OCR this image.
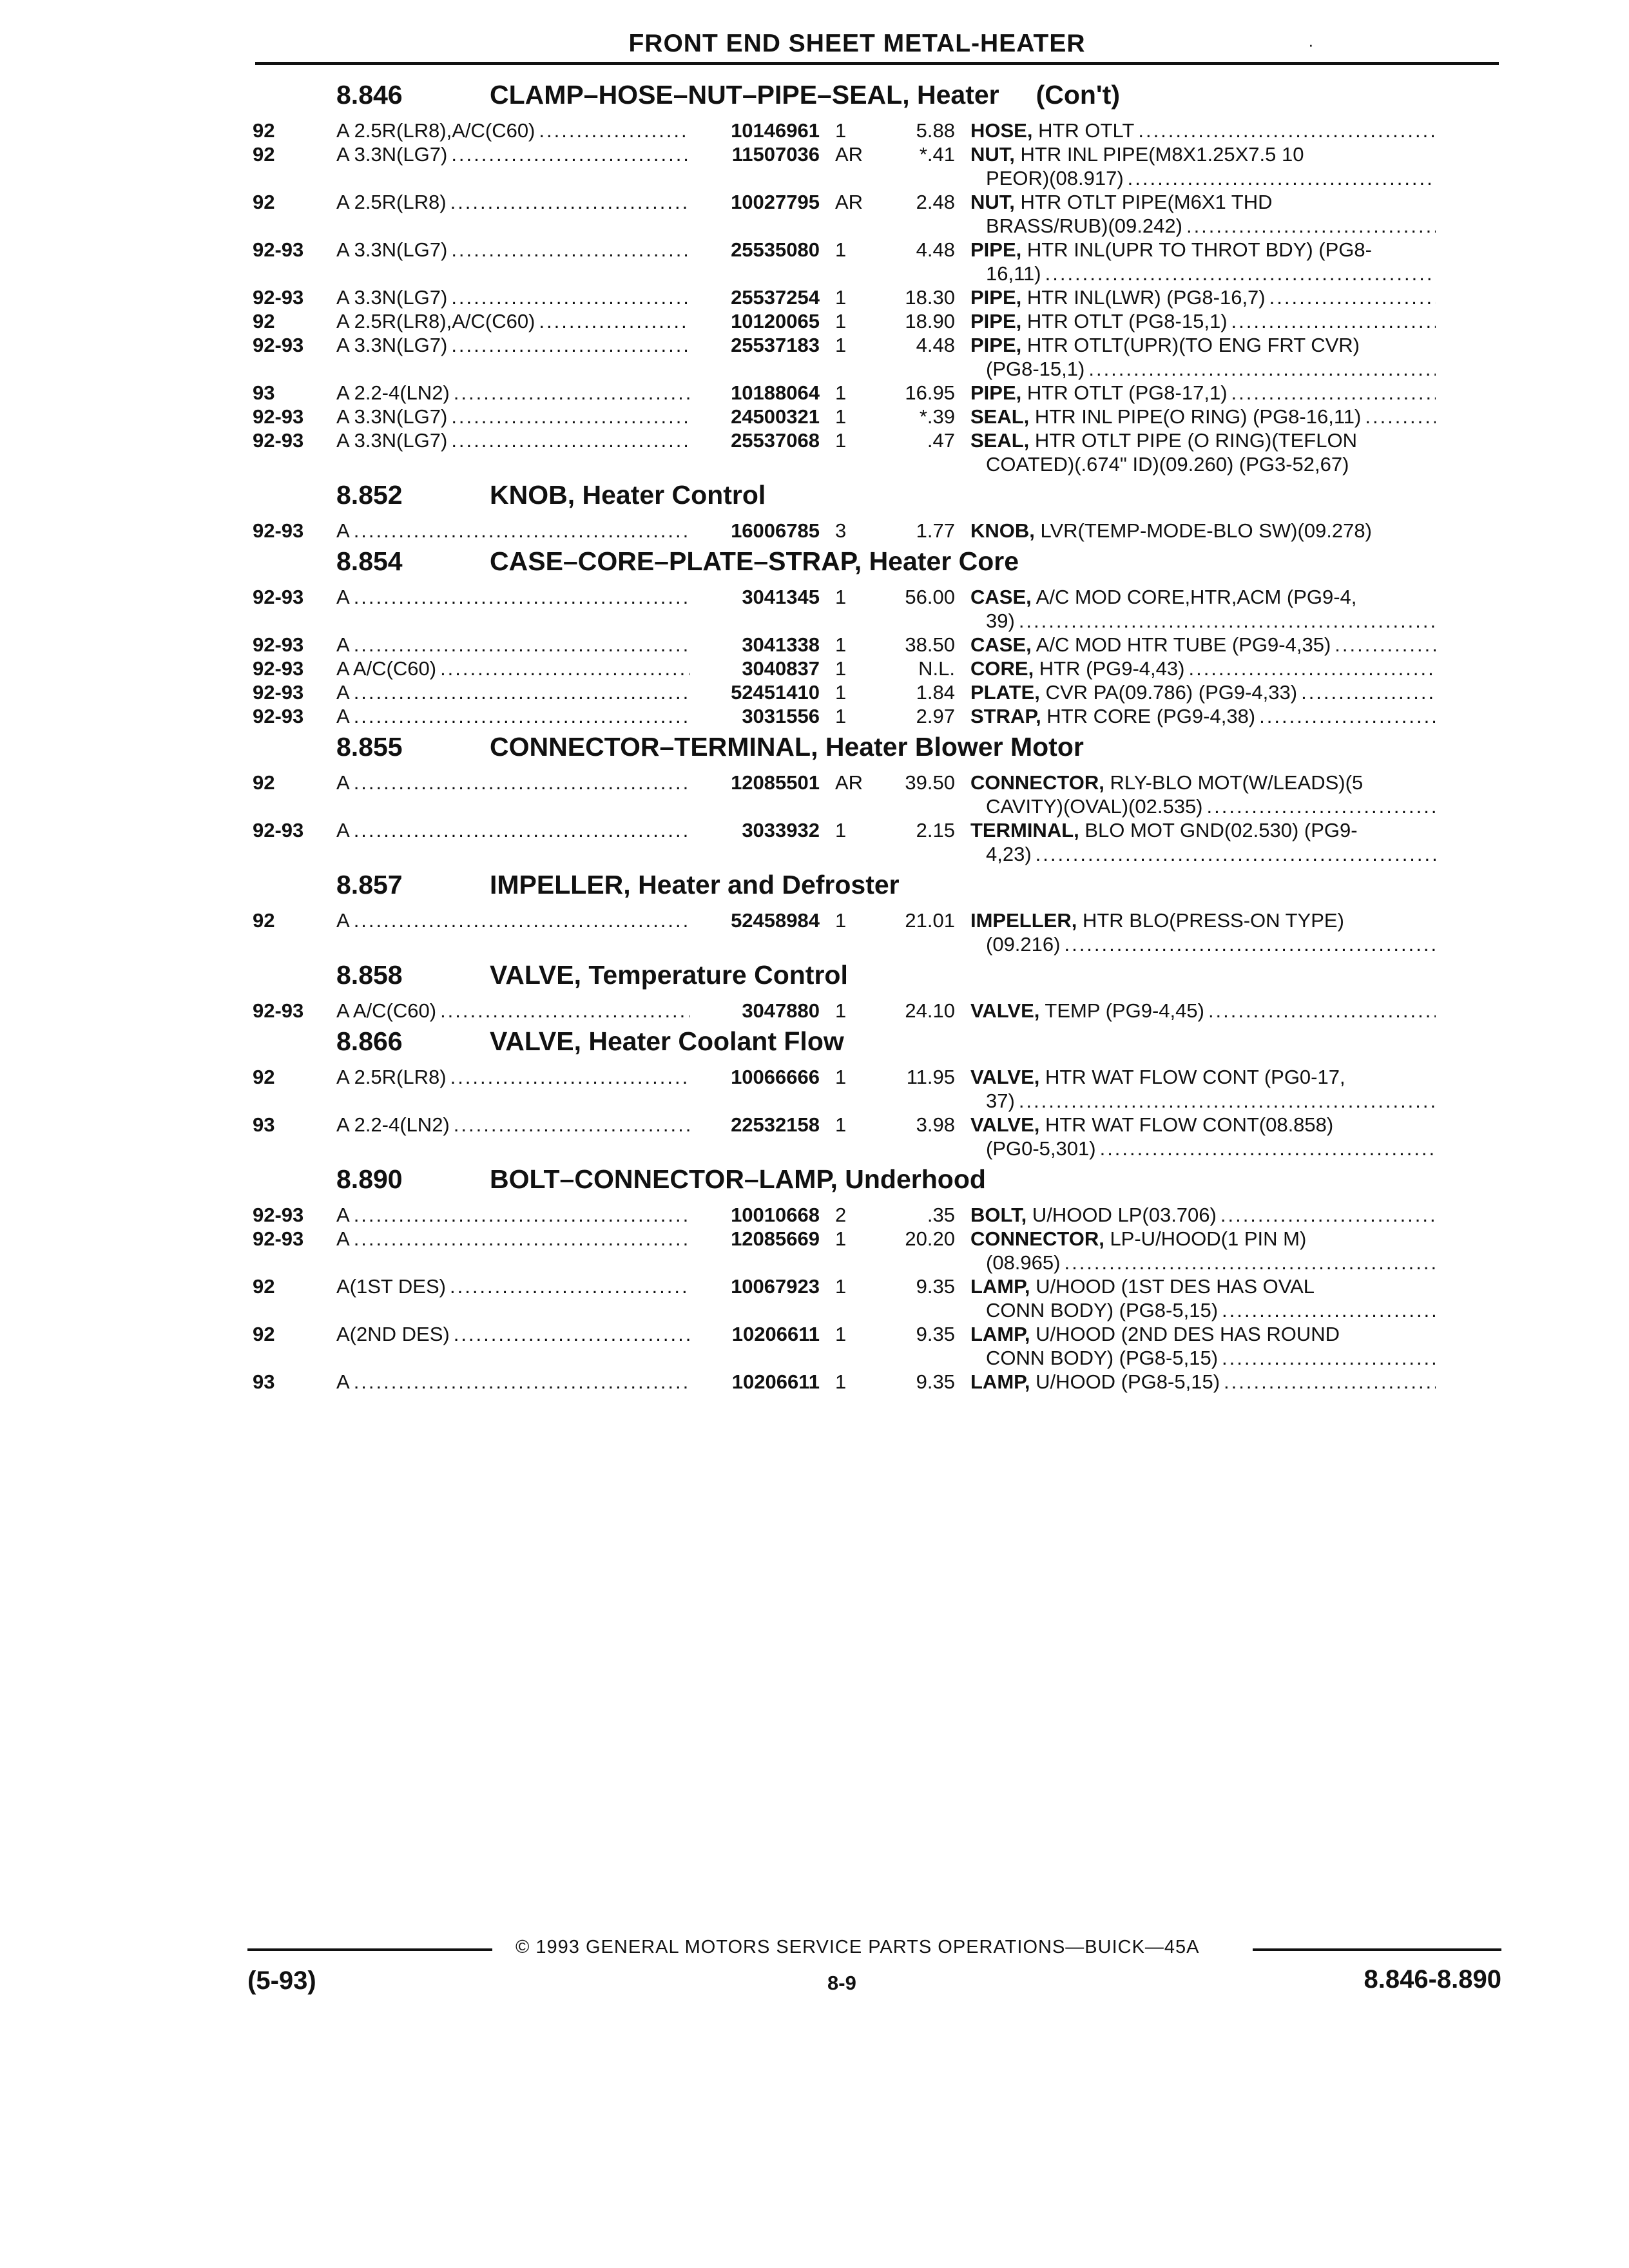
FRONT END SHEET METAL-HEATER	·
8.846	CLAMP–HOSE–NUT–PIPE–SEAL, Heater     (Con't)
92	A 2.5R(LR8),A/C(C60) .....	10146961 1	5.88 HOSE, HTR OTLT
.....
92	A 3.3N(LG7) .....	11507036 AR	*.41 NUT, HTR INL PIPE(M8X1.25X7.5 10
PEOR)(08.917)
.....
92	A 2.5R(LR8) .....	10027795 AR	2.48 NUT, HTR OTLT PIPE(M6X1 THD
BRASS/RUB)(09.242)
.....
92-93	A 3.3N(LG7) .....	25535080 1	4.48 PIPE, HTR INL(UPR TO THROT BDY) (PG8-
16,11)
.....
92-93	A 3.3N(LG7) .....	25537254 1	18.30 PIPE, HTR INL(LWR) (PG8-16,7)
.....
92	A 2.5R(LR8),A/C(C60) .....	10120065 1	18.90 PIPE, HTR OTLT (PG8-15,1)
.....
92-93	A 3.3N(LG7) .....	25537183 1	4.48 PIPE, HTR OTLT(UPR)(TO ENG FRT CVR)
(PG8-15,1)
.....
93	A 2.2-4(LN2) .....	10188064 1	16.95 PIPE, HTR OTLT (PG8-17,1)
.....
92-93	A 3.3N(LG7) .....	24500321 1	*.39 SEAL, HTR INL PIPE(O RING) (PG8-16,11)
.....
92-93	A 3.3N(LG7) .....	25537068 1	.47 SEAL, HTR OTLT PIPE (O RING)(TEFLON
COATED)(.674" ID)(09.260) (PG3-52,67)
8.852	KNOB, Heater Control
92-93	A .....	16006785 3	1.77 KNOB, LVR(TEMP-MODE-BLO SW)(09.278)
8.854	CASE–CORE–PLATE–STRAP, Heater Core
92-93	A .....	3041345 1	56.00 CASE, A/C MOD CORE,HTR,ACM (PG9-4,
39)
.....
92-93	A .....	3041338 1	38.50 CASE, A/C MOD HTR TUBE (PG9-4,35)
.....
92-93	A A/C(C60) .....	3040837 1	N.L. CORE, HTR (PG9-4,43)
.....
92-93	A .....	52451410 1	1.84 PLATE, CVR PA(09.786) (PG9-4,33)
.....
92-93	A .....	3031556 1	2.97 STRAP, HTR CORE (PG9-4,38)
.....
8.855	CONNECTOR–TERMINAL, Heater Blower Motor
92	A .....	12085501 AR	39.50 CONNECTOR, RLY-BLO MOT(W/LEADS)(5
CAVITY)(OVAL)(02.535)
.....
92-93	A .....	3033932 1	2.15 TERMINAL, BLO MOT GND(02.530) (PG9-
4,23)
.....
8.857	IMPELLER, Heater and Defroster
92	A .....	52458984 1	21.01 IMPELLER, HTR BLO(PRESS-ON TYPE)
(09.216)
.....
8.858	VALVE, Temperature Control
92-93	A A/C(C60) .....	3047880 1	24.10 VALVE, TEMP (PG9-4,45)
.....
8.866	VALVE, Heater Coolant Flow
92	A 2.5R(LR8) .....	10066666 1	11.95 VALVE, HTR WAT FLOW CONT (PG0-17,
37)
.....
93	A 2.2-4(LN2) .....	22532158 1	3.98 VALVE, HTR WAT FLOW CONT(08.858)
(PG0-5,301)
.....
8.890	BOLT–CONNECTOR–LAMP, Underhood
92-93	A .....	10010668 2	.35 BOLT, U/HOOD LP(03.706)
.....
92-93	A .....	12085669 1	20.20 CONNECTOR, LP-U/HOOD(1 PIN M)
(08.965)
.....
92	A(1ST DES) .....	10067923 1	9.35 LAMP, U/HOOD (1ST DES HAS OVAL
CONN BODY) (PG8-5,15)
.....
92	A(2ND DES) .....	10206611 1	9.35 LAMP, U/HOOD (2ND DES HAS ROUND
CONN BODY) (PG8-5,15)
.....
93	A .....	10206611 1	9.35 LAMP, U/HOOD (PG8-5,15)
.....
© 1993 GENERAL MOTORS SERVICE PARTS OPERATIONS—BUICK—45A
(5-93)	8-9	8.846-8.890
